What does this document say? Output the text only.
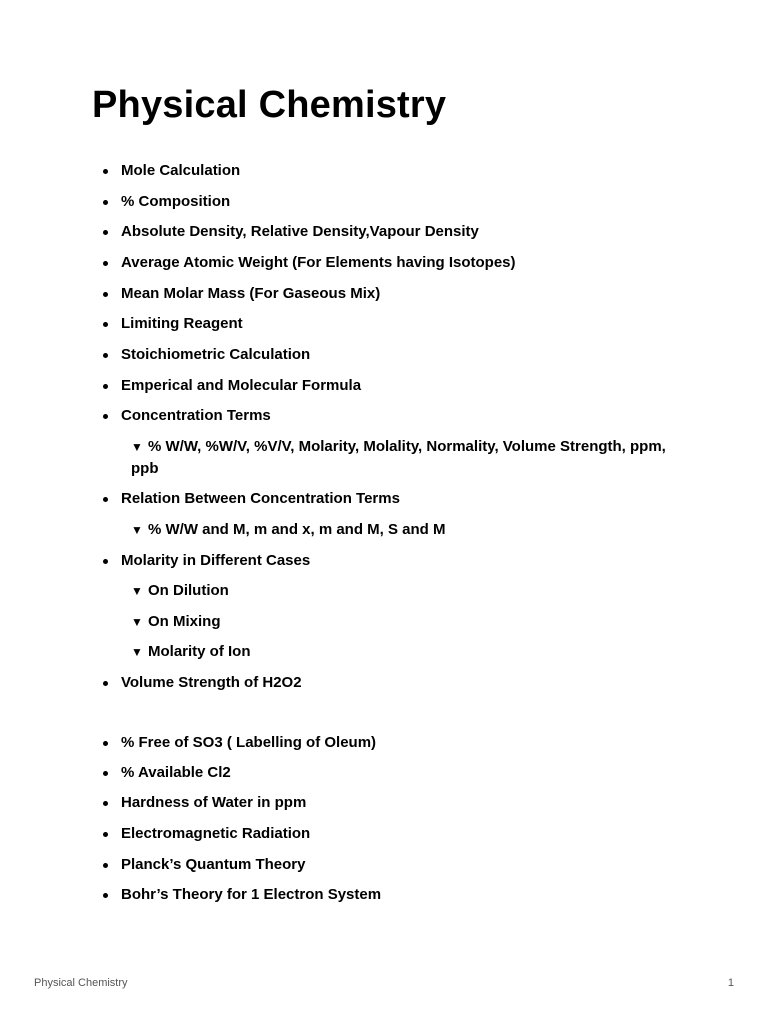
Physical Chemistry
Mole Calculation
% Composition
Absolute Density, Relative Density,Vapour Density
Average Atomic Weight (For Elements having Isotopes)
Mean Molar Mass (For Gaseous Mix)
Limiting Reagent
Stoichiometric Calculation
Emperical and Molecular Formula
Concentration Terms
▼ % W/W, %W/V, %V/V, Molarity, Molality, Normality, Volume Strength, ppm, ppb
Relation Between Concentration Terms
▼ % W/W and M, m and x, m and M, S and M
Molarity in Different Cases
▼ On Dilution
▼ On Mixing
▼ Molarity of Ion
Volume Strength of H2O2
% Free of SO3 ( Labelling of Oleum)
% Available Cl2
Hardness of Water in ppm
Electromagnetic Radiation
Planck’s Quantum Theory
Bohr’s Theory for 1 Electron System
Physical Chemistry	1
